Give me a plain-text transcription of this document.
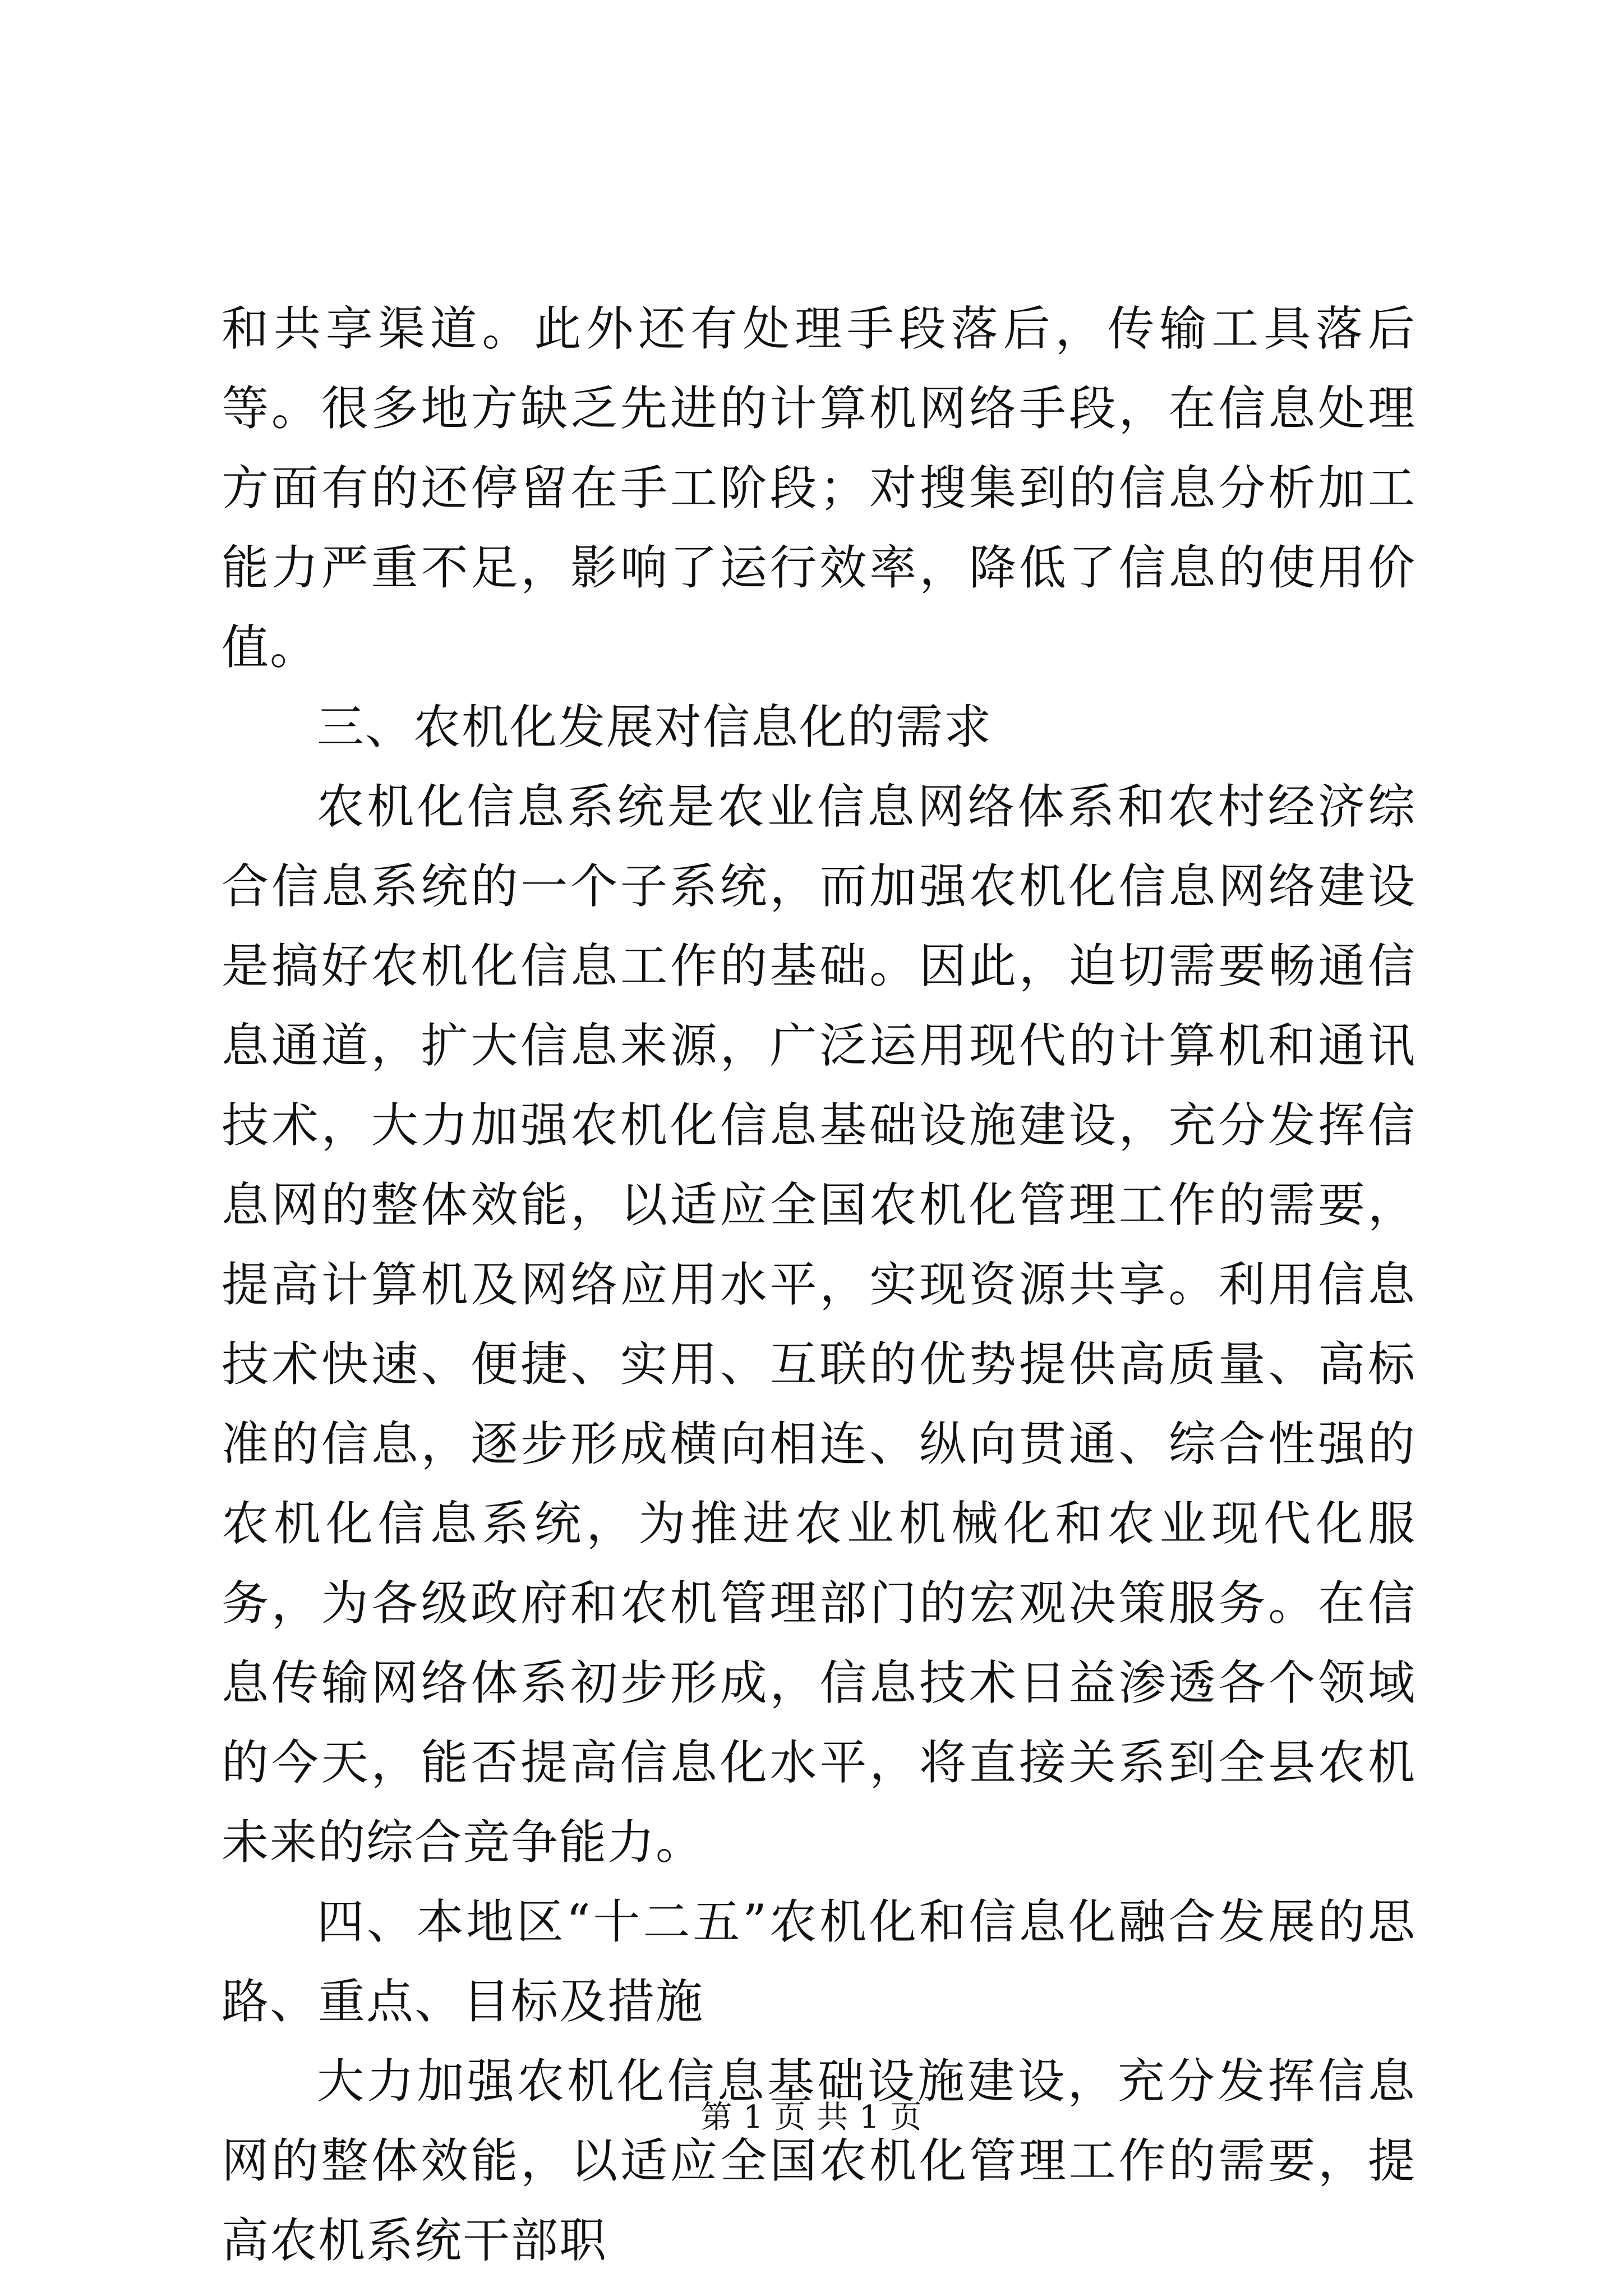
和共享渠道。此外还有处理手段落后，传输工具落后等。很多地方缺乏先进的计算机网络手段，在信息处理方面有的还停留在手工阶段；对搜集到的信息分析加工能力严重不足，影响了运行效率，降低了信息的使用价值。

三、农机化发展对信息化的需求

农机化信息系统是农业信息网络体系和农村经济综合信息系统的一个子系统，而加强农机化信息网络建设是搞好农机化信息工作的基础。因此，迫切需要畅通信息通道，扩大信息来源，广泛运用现代的计算机和通讯技术，大力加强农机化信息基础设施建设，充分发挥信息网的整体效能，以适应全国农机化管理工作的需要，提高计算机及网络应用水平，实现资源共享。利用信息技术快速、便捷、实用、互联的优势提供高质量、高标准的信息，逐步形成横向相连、纵向贯通、综合性强的农机化信息系统，为推进农业机械化和农业现代化服务，为各级政府和农机管理部门的宏观决策服务。在信息传输网络体系初步形成，信息技术日益渗透各个领域的今天，能否提高信息化水平，将直接关系到全县农机未来的综合竞争能力。

四、本地区“十二五”农机化和信息化融合发展的思路、重点、目标及措施

大力加强农机化信息基础设施建设，充分发挥信息网的整体效能，以适应全国农机化管理工作的需要，提高农机系统干部职

第 1 页 共 1 页
